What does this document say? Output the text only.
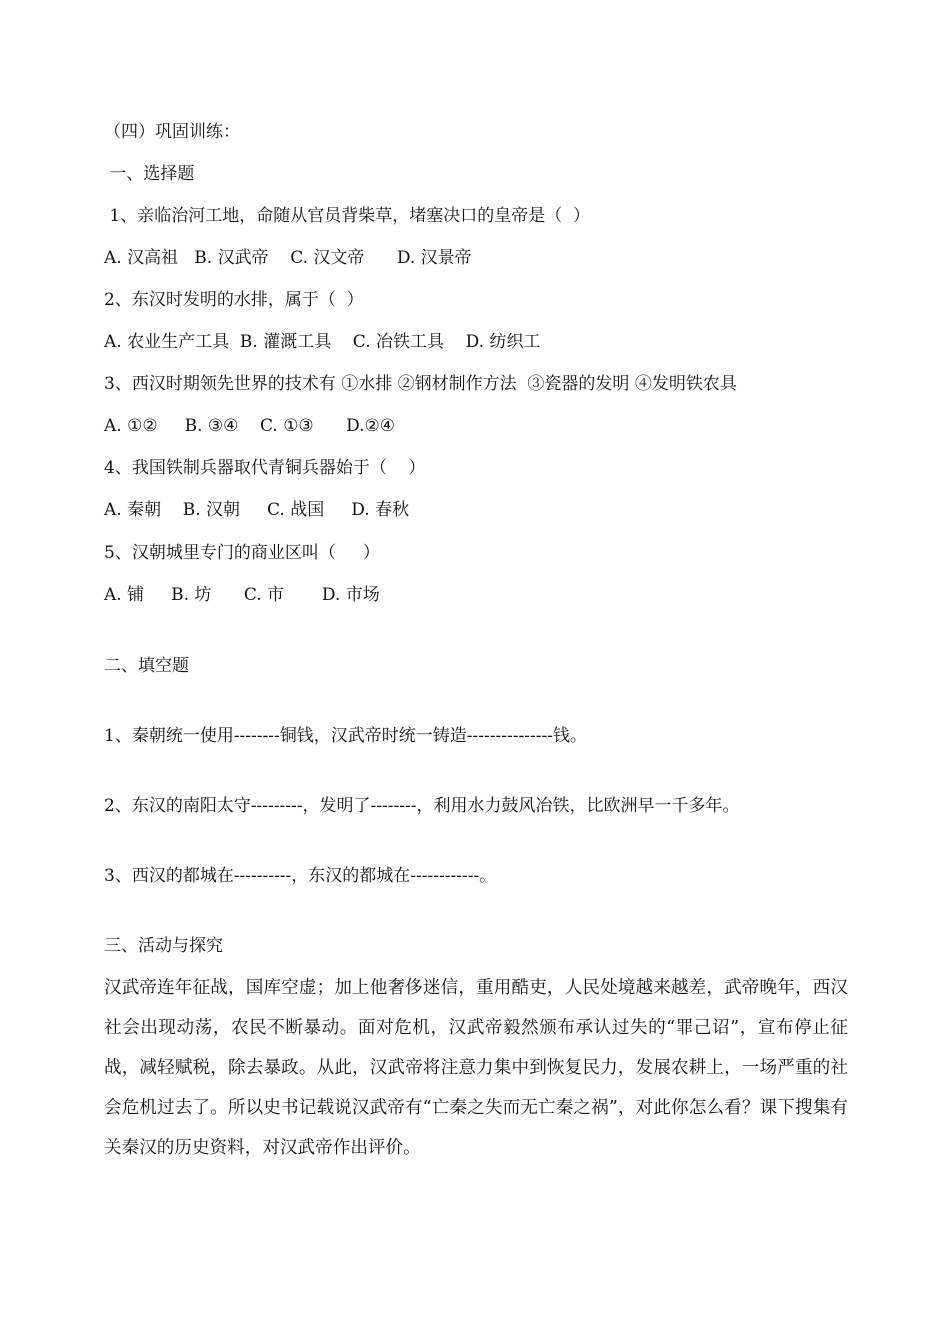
（四）巩固训练：
一、选择题
1、亲临治河工地，命随从官员背柴草，堵塞决口的皇帝是（  ）
A. 汉高祖   B. 汉武帝    C. 汉文帝      D. 汉景帝
2、东汉时发明的水排，属于（  ）
A. 农业生产工具  B. 灌溉工具    C. 冶铁工具    D. 纺织工
3、西汉时期领先世界的技术有 ①水排 ②钢材制作方法  ③瓷器的发明 ④发明铁农具
A. ①②     B. ③④    C. ①③      D.②④
4、我国铁制兵器取代青铜兵器始于（    ）
A. 秦朝    B. 汉朝     C. 战国     D. 春秋
5、汉朝城里专门的商业区叫（     ）
A. 铺     B. 坊      C. 市       D. 市场
二、填空题
1、秦朝统一使用--------铜钱，汉武帝时统一铸造---------------钱。
2、东汉的南阳太守---------，发明了--------，利用水力鼓风冶铁，比欧洲早一千多年。
3、西汉的都城在----------，东汉的都城在------------。
三、活动与探究
汉武帝连年征战，国库空虚；加上他奢侈迷信，重用酷吏，人民处境越来越差，武帝晚年，西汉社会出现动荡，农民不断暴动。面对危机，汉武帝毅然颁布承认过失的“罪己诏”，宣布停止征战，减轻赋税，除去暴政。从此，汉武帝将注意力集中到恢复民力，发展农耕上，一场严重的社会危机过去了。所以史书记载说汉武帝有“亡秦之失而无亡秦之祸”，对此你怎么看？课下搜集有关秦汉的历史资料，对汉武帝作出评价。
